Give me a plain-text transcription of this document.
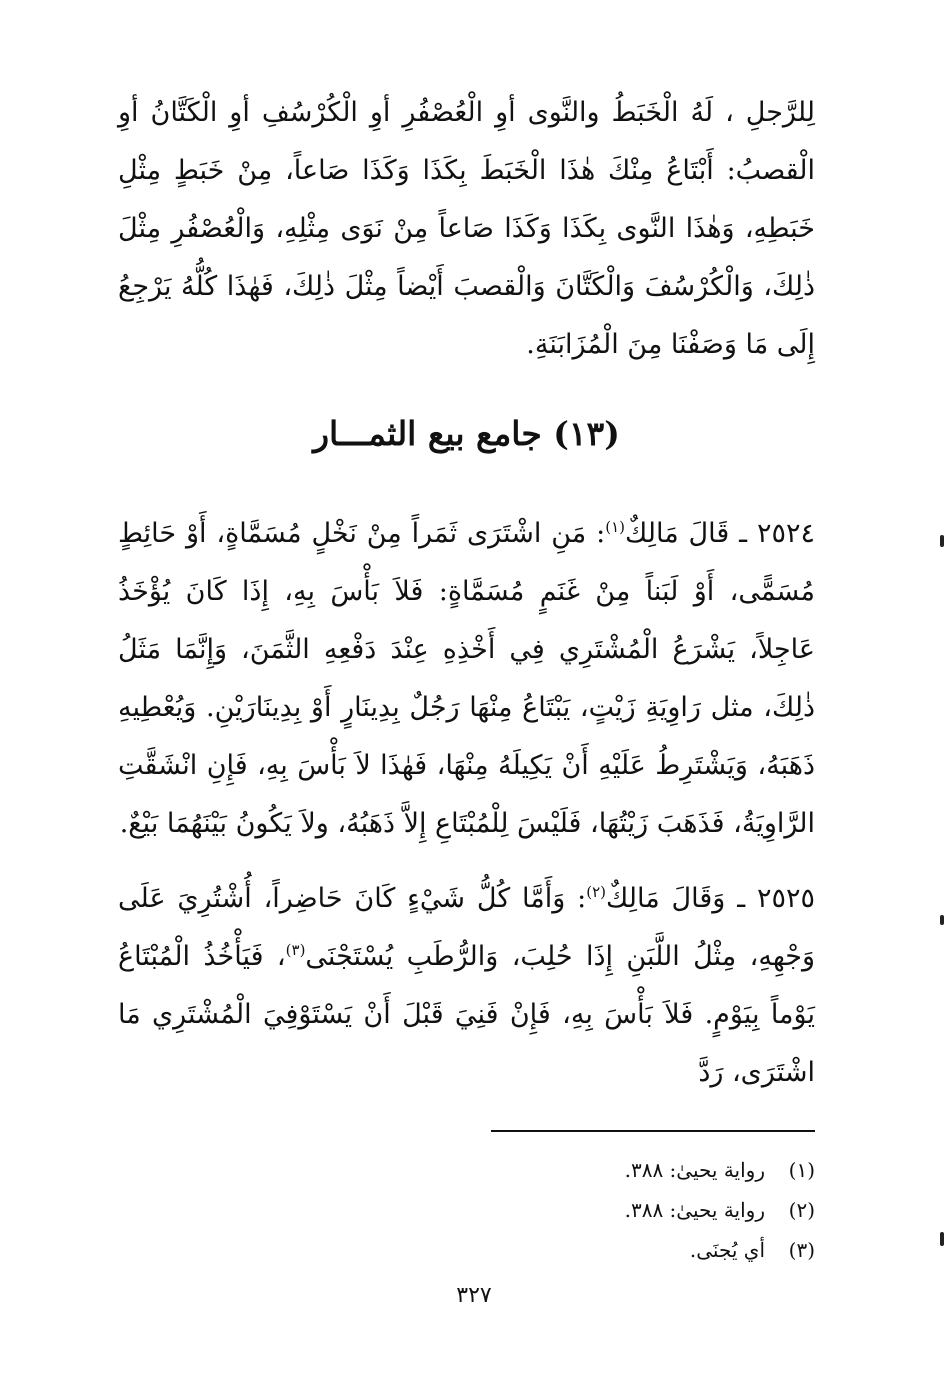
لِلرَّجلِ ، لَهُ الْخَبَطُ والنَّوى أوِ الْعُصْفُرِ أوِ الْكُرْسُفِ أوِ الْكَتَّانُ أوِ الْقصبُ: أَبْتَاعُ مِنْكَ هٰذَا الْخَبَطَ بِكَذَا وَكَذَا صَاعاً، مِنْ خَبَطٍ مِثْلِ خَبَطِهِ، وَهٰذَا النَّوى بِكَذَا وَكَذَا صَاعاً مِنْ نَوَى مِثْلِهِ، وَالْعُصْفُرِ مِثْلَ ذٰلِكَ، وَالْكُرْسُفَ وَالْكَتَّانَ وَالْقصبَ أَيْضاً مِثْلَ ذٰلِكَ، فَهٰذَا كُلُّهُ يَرْجِعُ إِلَى مَا وَصَفْنَا مِنَ الْمُزَابَنَةِ.

(١٣) جامع بيع الثمـــار

٢٥٢٤ ـ قَالَ مَالِكٌ$^{(١)}$: مَنِ اشْتَرَى ثَمَراً مِنْ نَخْلٍ مُسَمَّاةٍ، أَوْ حَائِطٍ مُسَمًّى، أَوْ لَبَناً مِنْ غَنَمٍ مُسَمَّاةٍ: فَلاَ بَأْسَ بِهِ، إِذَا كَانَ يُؤْخَذُ عَاجِلاً، يَشْرَعُ الْمُشْتَرِي فِي أَخْذِهِ عِنْدَ دَفْعِهِ الثَّمَنَ، وَإِنَّمَا مَثَلُ ذٰلِكَ، مثل رَاوِيَةِ زَيْتٍ، يَبْتَاعُ مِنْهَا رَجُلٌ بِدِينَارٍ أَوْ بِدِينَارَيْنِ. وَيُعْطِيهِ ذَهَبَهُ، وَيَشْتَرِطُ عَلَيْهِ أَنْ يَكِيلَهُ مِنْهَا، فَهٰذَا لاَ بَأْسَ بِهِ، فَإِنِ انْشَقَّتِ الرَّاوِيَةُ، فَذَهَبَ زَيْتُهَا، فَلَيْسَ لِلْمُبْتَاعِ إِلاَّ ذَهَبُهُ، ولاَ يَكُونُ بَيْنَهُمَا بَيْعٌ.

٢٥٢٥ ـ وَقَالَ مَالِكٌ$^{(٢)}$: وَأَمَّا كُلُّ شَيْءٍ كَانَ حَاضِراً، أُشْتُرِيَ عَلَى وَجْهِهِ، مِثْلُ اللَّبَنِ إِذَا حُلِبَ، وَالرُّطَبِ يُسْتَجْنَى$^{(٣)}$، فَيَأْخُذُ الْمُبْتَاعُ يَوْماً بِيَوْمٍ. فَلاَ بَأْسَ بِهِ، فَإِنْ فَنِيَ قَبْلَ أَنْ يَسْتَوْفِيَ الْمُشْتَرِي مَا اشْتَرَى، رَدَّ

(١)رواية يحيىٰ: ٣٨٨.
(٢)رواية يحيىٰ: ٣٨٨.
(٣)أي يُجنَى.
٣٢٧
